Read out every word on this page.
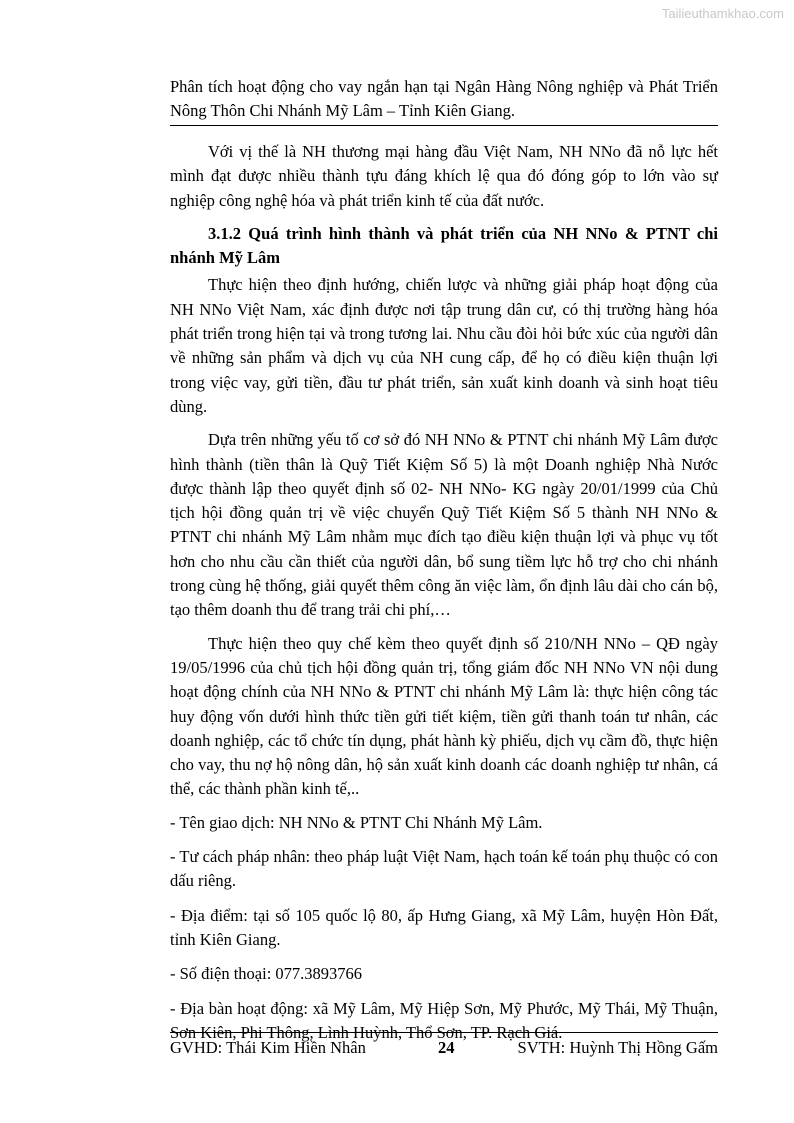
Tailieuthamkhao.com
Phân tích hoạt động cho vay ngắn hạn tại Ngân Hàng Nông nghiệp và Phát Triển Nông Thôn Chi Nhánh Mỹ Lâm – Tỉnh Kiên Giang.

Với vị thế là NH thương mại hàng đầu Việt Nam, NH NNo đã nỗ lực hết mình đạt được nhiều thành tựu đáng khích lệ qua đó đóng góp to lớn vào sự nghiệp công nghệ hóa và phát triển kinh tế của đất nước.

3.1.2 Quá trình hình thành và phát triển của NH NNo & PTNT chi nhánh Mỹ Lâm

Thực hiện theo định hướng, chiến lược và những giải pháp hoạt động của NH NNo Việt Nam, xác định được nơi tập trung dân cư, có thị trường hàng hóa phát triển trong hiện tại và trong tương lai. Nhu cầu đòi hỏi bức xúc của người dân về những sản phẩm và dịch vụ của NH cung cấp, để họ có điều kiện thuận lợi trong việc vay, gửi tiền, đầu tư phát triển, sản xuất kinh doanh và sinh hoạt tiêu dùng.

Dựa trên những yếu tố cơ sở đó NH NNo & PTNT chi nhánh Mỹ Lâm được hình thành (tiền thân là Quỹ Tiết Kiệm Số 5) là một Doanh nghiệp Nhà Nước được thành lập theo quyết định số 02- NH NNo- KG ngày 20/01/1999 của Chủ tịch hội đồng quản trị về việc chuyển Quỹ Tiết Kiệm Số 5 thành NH NNo & PTNT chi nhánh Mỹ Lâm nhằm mục đích tạo điều kiện thuận lợi và phục vụ tốt hơn cho nhu cầu cần thiết của người dân, bổ sung tiềm lực hỗ trợ cho chi nhánh trong cùng hệ thống, giải quyết thêm công ăn việc làm, ổn định lâu dài cho cán bộ, tạo thêm doanh thu để trang trải chi phí,…

Thực hiện theo quy chế kèm theo quyết định số 210/NH NNo – QĐ ngày 19/05/1996 của chủ tịch hội đồng quản trị, tổng giám đốc NH NNo VN nội dung hoạt động chính của NH NNo & PTNT chi nhánh Mỹ Lâm là: thực hiện công tác huy động vốn dưới hình thức tiền gửi tiết kiệm, tiền gửi thanh toán tư nhân, các doanh nghiệp, các tổ chức tín dụng, phát hành kỳ phiếu, dịch vụ cầm đồ, thực hiện cho vay, thu nợ hộ nông dân, hộ sản xuất kinh doanh các doanh nghiệp tư nhân, cá thể, các thành phần kinh tế,..

- Tên giao dịch: NH NNo & PTNT Chi Nhánh Mỹ Lâm.

- Tư cách pháp nhân: theo pháp luật Việt Nam, hạch toán kế toán phụ thuộc có con dấu riêng.

- Địa điểm: tại số 105 quốc lộ 80, ấp Hưng Giang, xã Mỹ Lâm, huyện Hòn Đất, tỉnh Kiên Giang.

- Số điện thoại: 077.3893766

- Địa bàn hoạt động: xã Mỹ Lâm, Mỹ Hiệp Sơn, Mỹ Phước, Mỹ Thái, Mỹ Thuận, Sơn Kiên, Phi Thông, Lình Huỳnh, Thổ Sơn, TP. Rạch Giá.

GVHD: Thái Kim Hiền Nhân	24	SVTH: Huỳnh Thị Hồng Gấm
